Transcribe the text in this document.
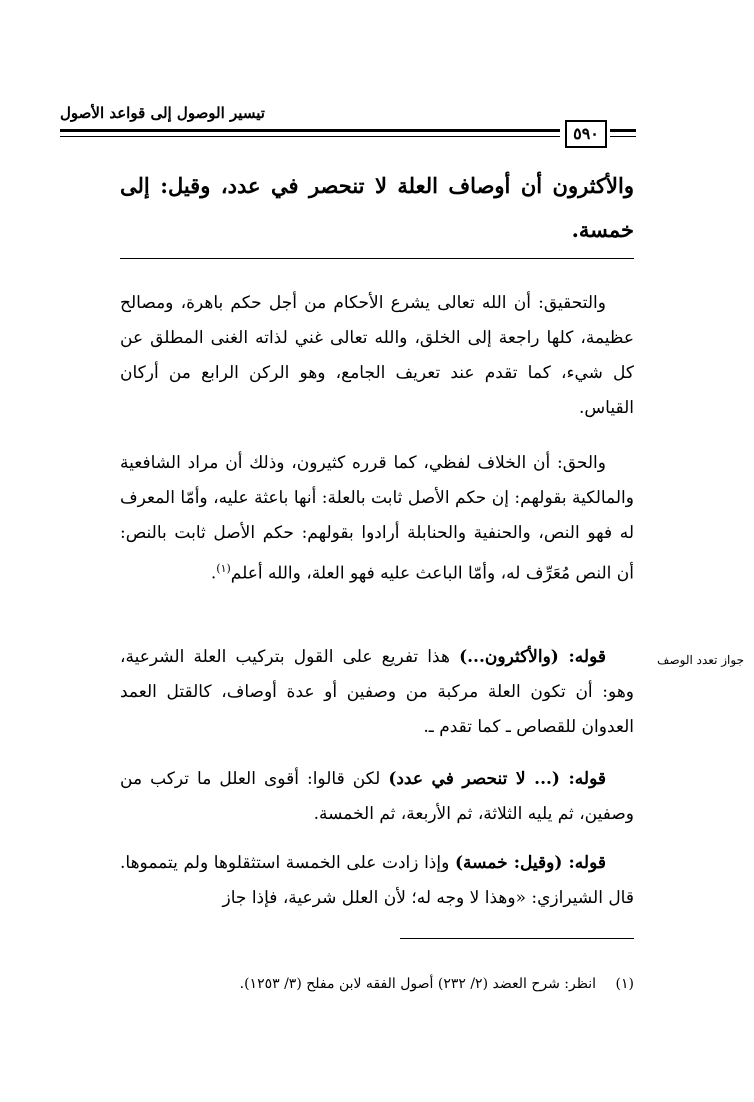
تيسير الوصول إلى قواعد الأصول
٥٩٠
والأكثرون أن أوصاف العلة لا تنحصر في عدد، وقيل: إلى خمسة.

والتحقيق: أن الله تعالى يشرع الأحكام من أجل حكم باهرة، ومصالح عظيمة، كلها راجعة إلى الخلق، والله تعالى غني لذاته الغنى المطلق عن كل شيء، كما تقدم عند تعريف الجامع، وهو الركن الرابع من أركان القياس.

والحق: أن الخلاف لفظي، كما قرره كثيرون، وذلك أن مراد الشافعية والمالكية بقولهم: إن حكم الأصل ثابت بالعلة: أنها باعثة عليه، وأمّا المعرف له فهو النص، والحنفية والحنابلة أرادوا بقولهم: حكم الأصل ثابت بالنص: أن النص مُعَرِّف له، وأمّا الباعث عليه فهو العلة، والله أعلم$^{(١)}$.

جواز تعدد الوصف

قوله: (والأكثرون...) هذا تفريع على القول بتركيب العلة الشرعية، وهو: أن تكون العلة مركبة من وصفين أو عدة أوصاف، كالقتل العمد العدوان للقصاص ـ كما تقدم ـ.

قوله: (... لا تنحصر في عدد) لكن قالوا: أقوى العلل ما تركب من وصفين، ثم يليه الثلاثة، ثم الأربعة، ثم الخمسة.

قوله: (وقيل: خمسة) وإذا زادت على الخمسة استثقلوها ولم يتمموها. قال الشيرازي: «وهذا لا وجه له؛ لأن العلل شرعية، فإذا جاز

(١)انظر: شرح العضد (٢/ ٢٣٢) أصول الفقه لابن مفلح (٣/ ١٢٥٣).
